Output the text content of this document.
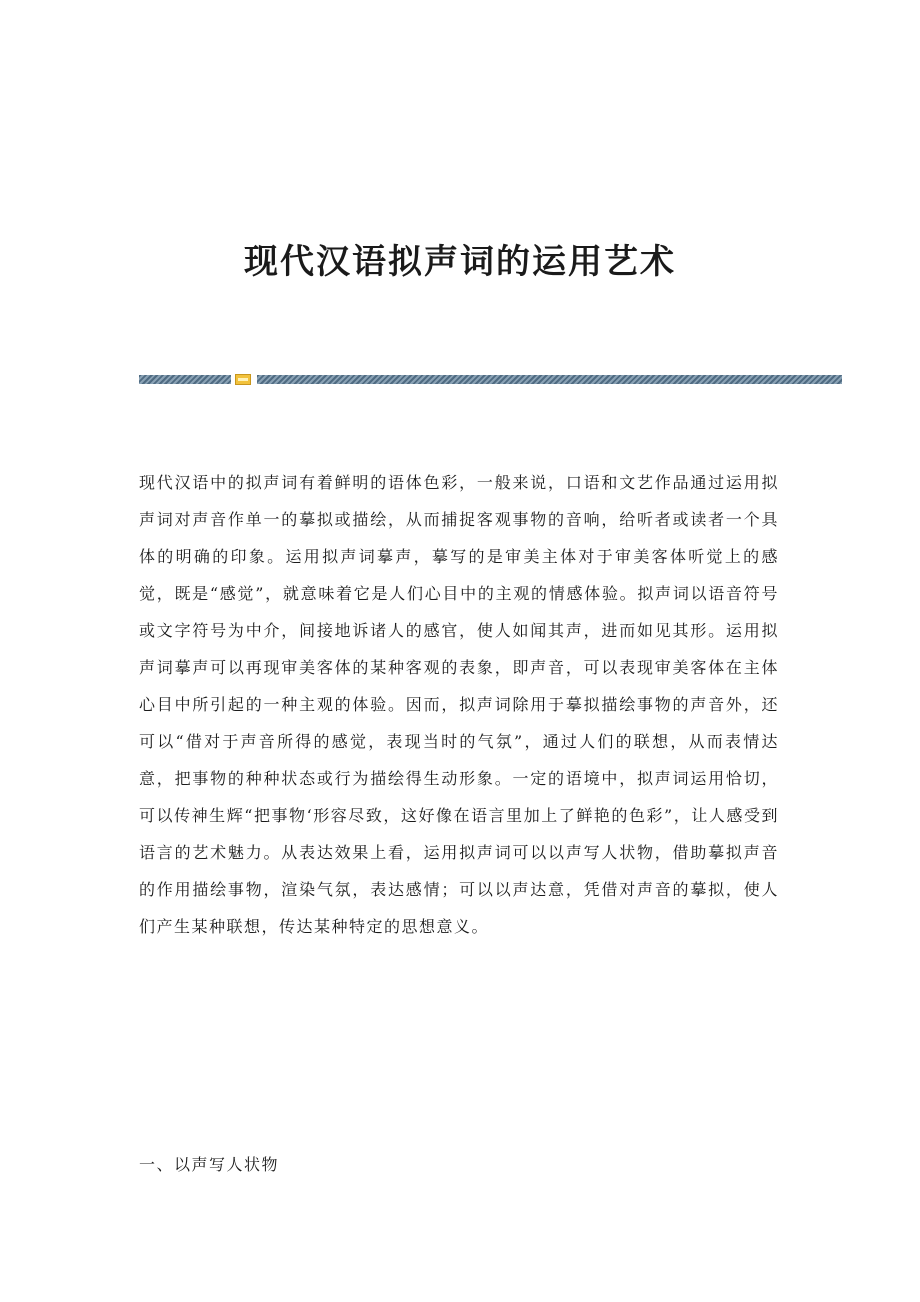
现代汉语拟声词的运用艺术

现代汉语中的拟声词有着鲜明的语体色彩，一般来说，口语和文艺作品通过运用拟声词对声音作单一的摹拟或描绘，从而捕捉客观事物的音响，给听者或读者一个具体的明确的印象。运用拟声词摹声，摹写的是审美主体对于审美客体听觉上的感觉，既是“感觉”，就意味着它是人们心目中的主观的情感体验。拟声词以语音符号或文字符号为中介，间接地诉诸人的感官，使人如闻其声，进而如见其形。运用拟声词摹声可以再现审美客体的某种客观的表象，即声音，可以表现审美客体在主体心目中所引起的一种主观的体验。因而，拟声词除用于摹拟描绘事物的声音外，还可以“借对于声音所得的感觉，表现当时的气氛”，通过人们的联想，从而表情达意，把事物的种种状态或行为描绘得生动形象。一定的语境中，拟声词运用恰切，可以传神生辉“把事物‘形容尽致，这好像在语言里加上了鲜艳的色彩”，让人感受到语言的艺术魅力。从表达效果上看，运用拟声词可以以声写人状物，借助摹拟声音的作用描绘事物，渲染气氛，表达感情；可以以声达意，凭借对声音的摹拟，使人们产生某种联想，传达某种特定的思想意义。

一、以声写人状物
